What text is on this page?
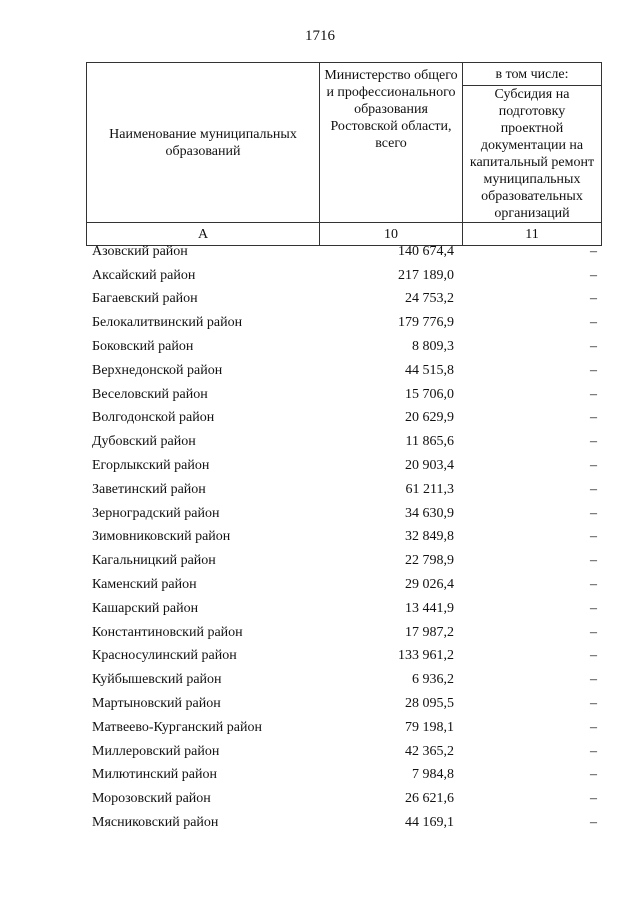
1716
Наименование муниципальных образований	Министерство общего и профессионального образования Ростовской области, всего	в том числе:
		Субсидия на подготовку проектной документации на капитальный ремонт муниципальных образовательных организаций
А	10	11
Азовский район	140 674,4	–
Аксайский район	217 189,0	–
Багаевский район	24 753,2	–
Белокалитвинский район	179 776,9	–
Боковский район	8 809,3	–
Верхнедонской район	44 515,8	–
Веселовский район	15 706,0	–
Волгодонской район	20 629,9	–
Дубовский район	11 865,6	–
Егорлыкский район	20 903,4	–
Заветинский район	61 211,3	–
Зерноградский район	34 630,9	–
Зимовниковский район	32 849,8	–
Кагальницкий район	22 798,9	–
Каменский район	29 026,4	–
Кашарский район	13 441,9	–
Константиновский район	17 987,2	–
Красносулинский район	133 961,2	–
Куйбышевский район	6 936,2	–
Мартыновский район	28 095,5	–
Матвеево-Курганский район	79 198,1	–
Миллеровский район	42 365,2	–
Милютинский район	7 984,8	–
Морозовский район	26 621,6	–
Мясниковский район	44 169,1	–
